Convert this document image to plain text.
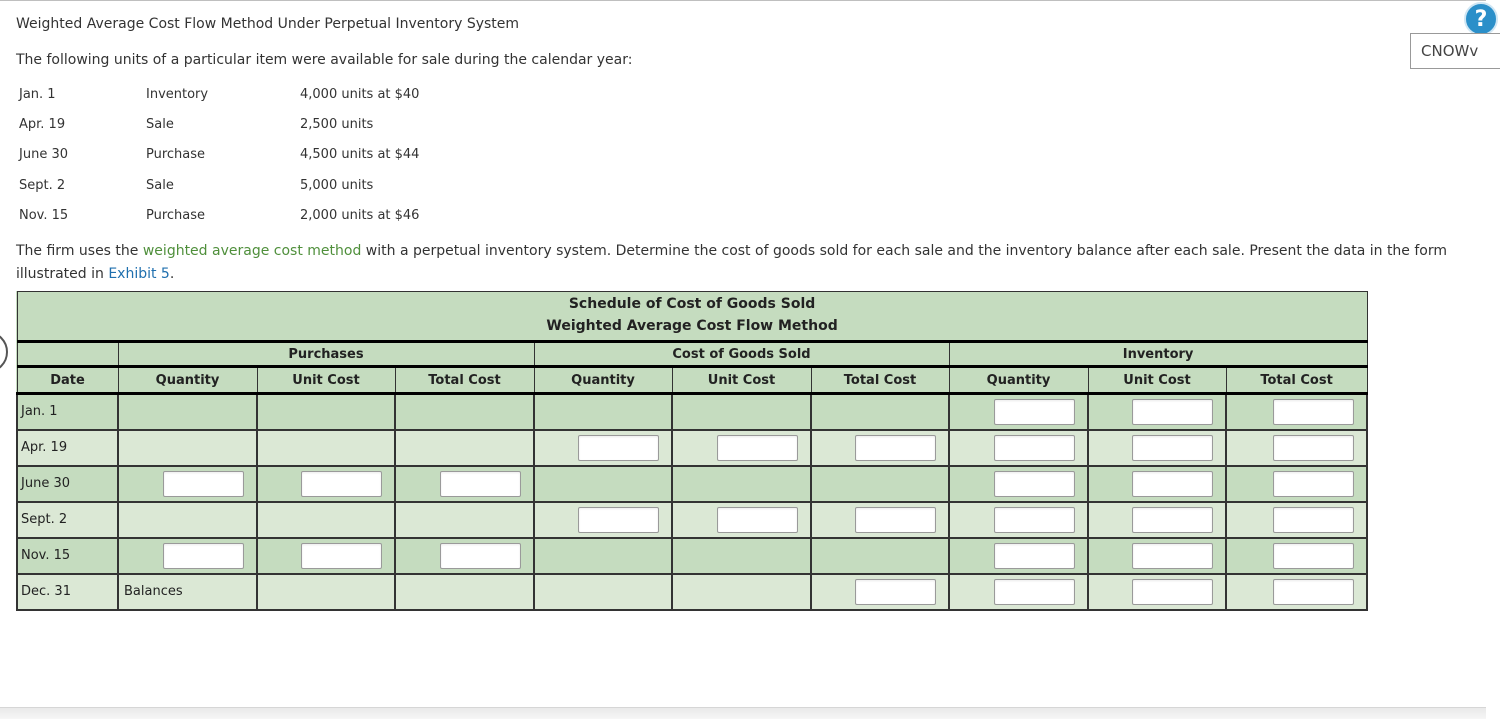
Weighted Average Cost Flow Method Under Perpetual Inventory System
The following units of a particular item were available for sale during the calendar year:
?
CNOWv
Jan. 1	Inventory	4,000 units at $40
Apr. 19	Sale	2,500 units
June 30	Purchase	4,500 units at $44
Sept. 2	Sale	5,000 units
Nov. 15	Purchase	2,000 units at $46
The firm uses the weighted average cost method with a perpetual inventory system. Determine the cost of goods sold for each sale and the inventory balance after each sale. Present the data in the form illustrated in Exhibit 5.
Schedule of Cost of Goods Sold
Weighted Average Cost Flow Method									

	Purchases			Cost of Goods Sold			Inventory		
Date	Quantity	Unit Cost	Total Cost	Quantity	Unit Cost	Total Cost	Quantity	Unit Cost	Total Cost
Jan. 1									
Apr. 19									
June 30									
Sept. 2									
Nov. 15									
Dec. 31	Balances								
